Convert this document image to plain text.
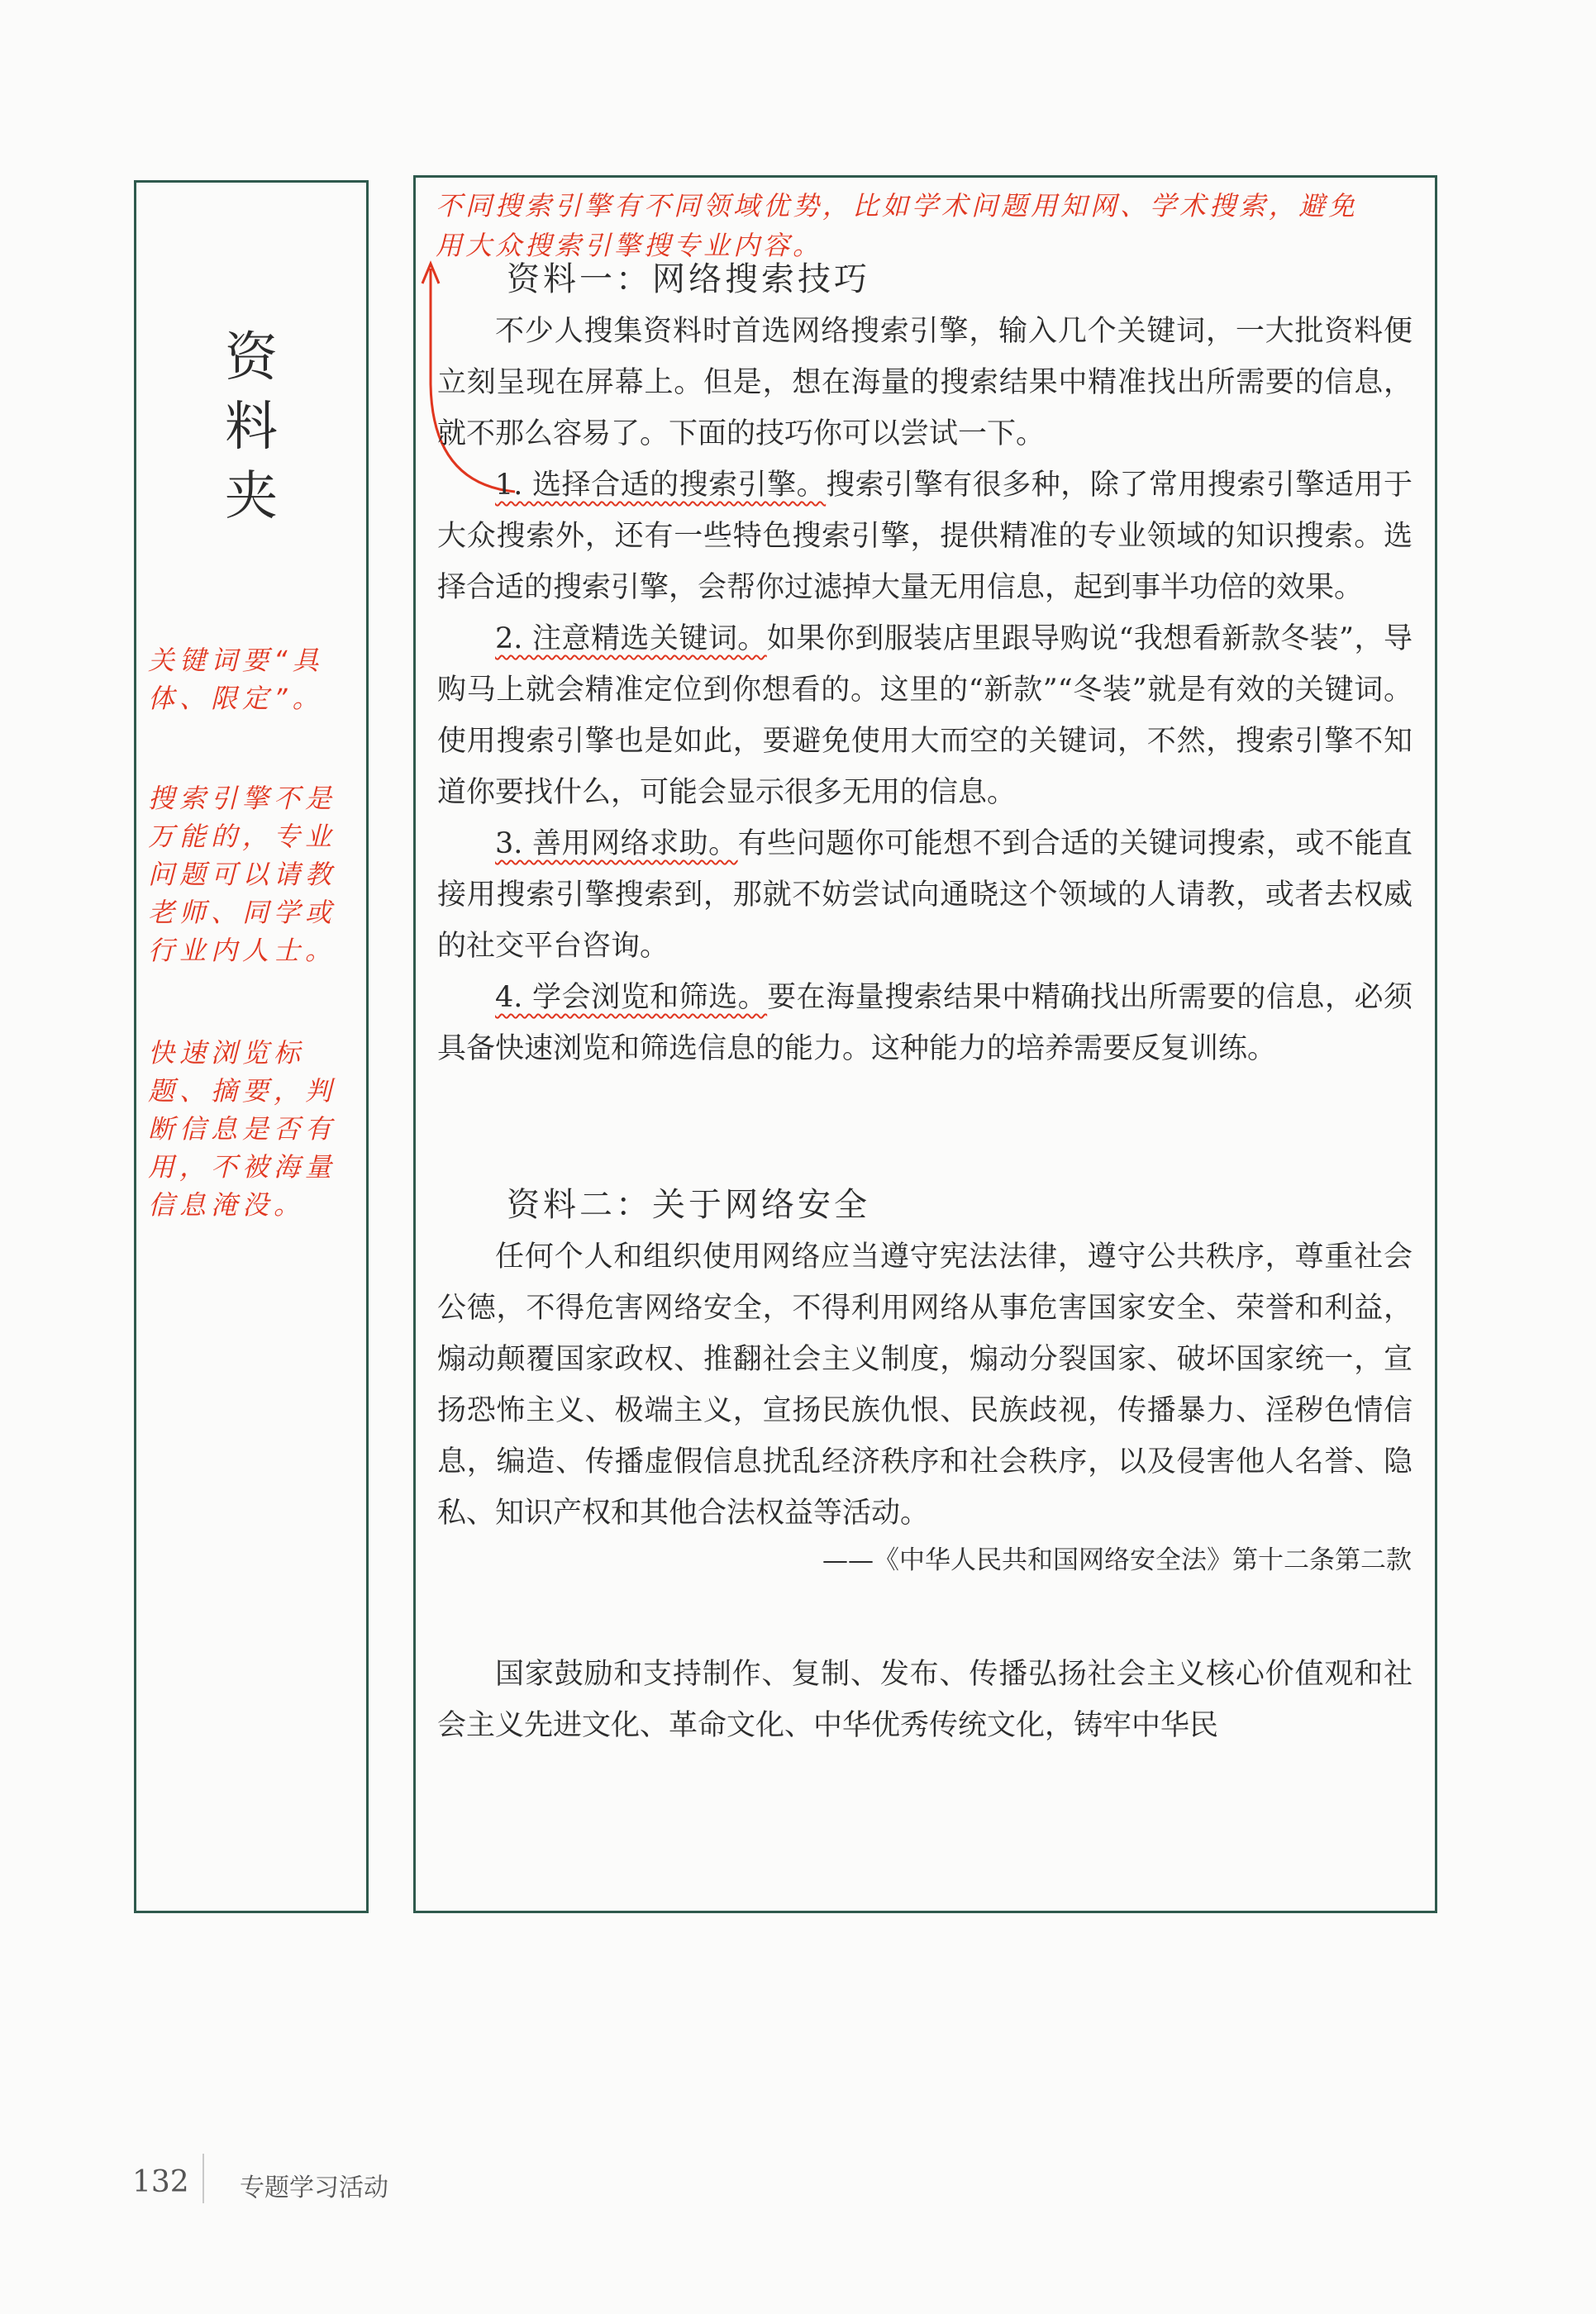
资
料
夹
关键词要“具体、限定”。
搜索引擎不是万能的，专业问题可以请教老师、同学或行业内人士。
快速浏览标题、摘要，判断信息是否有用，不被海量信息淹没。
不同搜索引擎有不同领域优势，比如学术问题用知网、学术搜索，避免用大众搜索引擎搜专业内容。
资料一：网络搜索技巧

不少人搜集资料时首选网络搜索引擎，输入几个关键词，一大批资料便立刻呈现在屏幕上。但是，想在海量的搜索结果中精准找出所需要的信息，就不那么容易了。下面的技巧你可以尝试一下。

1. 选择合适的搜索引擎。搜索引擎有很多种，除了常用搜索引擎适用于大众搜索外，还有一些特色搜索引擎，提供精准的专业领域的知识搜索。选择合适的搜索引擎，会帮你过滤掉大量无用信息，起到事半功倍的效果。

2. 注意精选关键词。如果你到服装店里跟导购说“我想看新款冬装”，导购马上就会精准定位到你想看的。这里的“新款”“冬装”就是有效的关键词。使用搜索引擎也是如此，要避免使用大而空的关键词，不然，搜索引擎不知道你要找什么，可能会显示很多无用的信息。

3. 善用网络求助。有些问题你可能想不到合适的关键词搜索，或不能直接用搜索引擎搜索到，那就不妨尝试向通晓这个领域的人请教，或者去权威的社交平台咨询。

4. 学会浏览和筛选。要在海量搜索结果中精确找出所需要的信息，必须具备快速浏览和筛选信息的能力。这种能力的培养需要反复训练。

资料二：关于网络安全

任何个人和组织使用网络应当遵守宪法法律，遵守公共秩序，尊重社会公德，不得危害网络安全，不得利用网络从事危害国家安全、荣誉和利益，煽动颠覆国家政权、推翻社会主义制度，煽动分裂国家、破坏国家统一，宣扬恐怖主义、极端主义，宣扬民族仇恨、民族歧视，传播暴力、淫秽色情信息，编造、传播虚假信息扰乱经济秩序和社会秩序，以及侵害他人名誉、隐私、知识产权和其他合法权益等活动。

——《中华人民共和国网络安全法》第十二条第二款

国家鼓励和支持制作、复制、发布、传播弘扬社会主义核心价值观和社会主义先进文化、革命文化、中华优秀传统文化，铸牢中华民

132 专题学习活动
